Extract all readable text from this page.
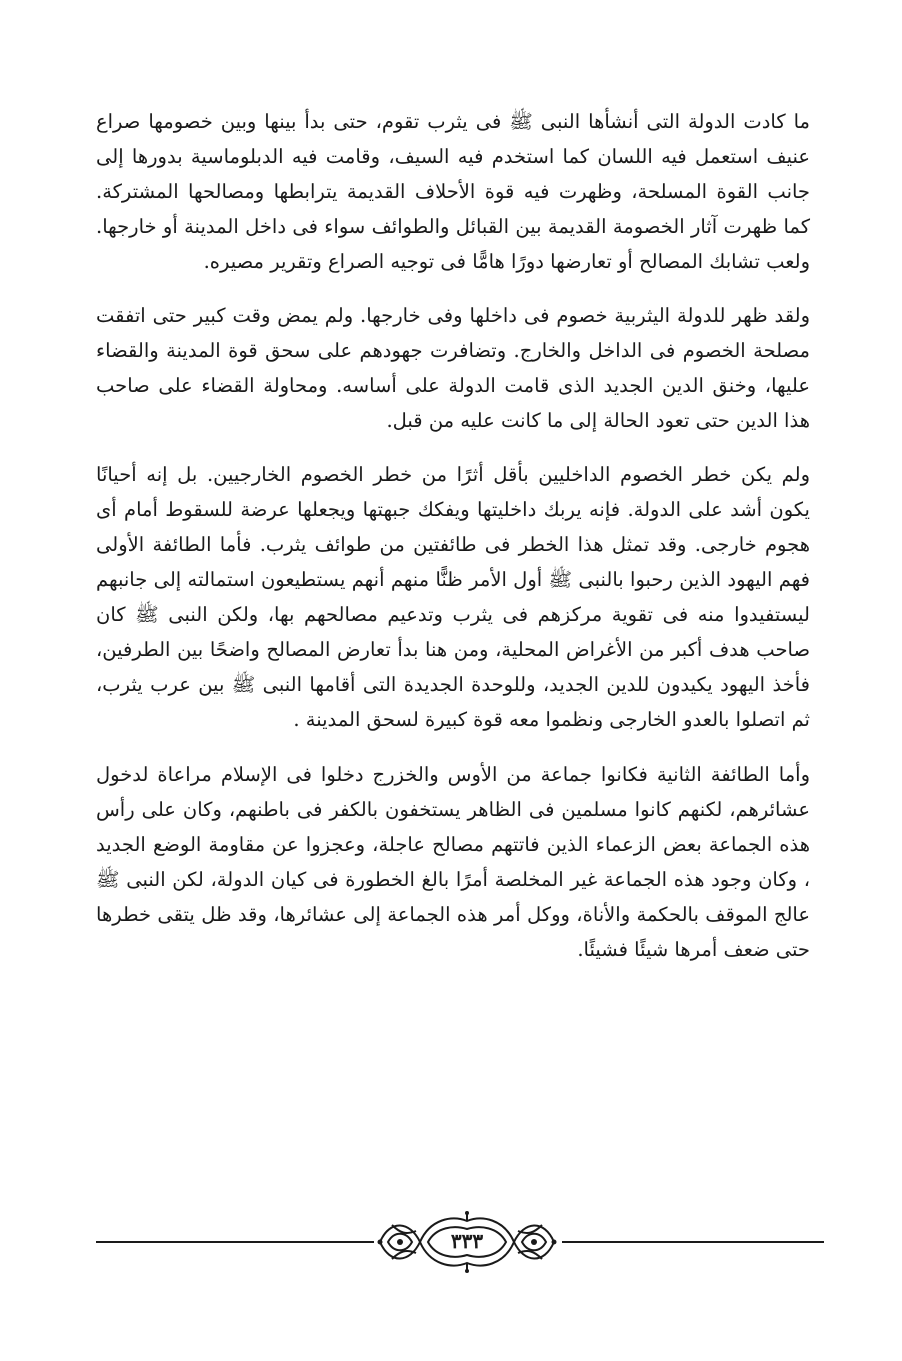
ما كادت الدولة التى أنشأها النبى ﷺ فى يثرب تقوم، حتى بدأ بينها وبين خصومها صراع عنيف استعمل فيه اللسان كما استخدم فيه السيف، وقامت فيه الدبلوماسية بدورها إلى جانب القوة المسلحة، وظهرت فيه قوة الأحلاف القديمة يترابطها ومصالحها المشتركة. كما ظهرت آثار الخصومة القديمة بين القبائل والطوائف سواء فى داخل المدينة أو خارجها. ولعب تشابك المصالح أو تعارضها دورًا هامًّا فى توجيه الصراع وتقرير مصيره.

ولقد ظهر للدولة اليثربية خصوم فى داخلها وفى خارجها. ولم يمض وقت كبير حتى اتفقت مصلحة الخصوم فى الداخل والخارج. وتضافرت جهودهم على سحق قوة المدينة والقضاء عليها، وخنق الدين الجديد الذى قامت الدولة على أساسه. ومحاولة القضاء على صاحب هذا الدين حتى تعود الحالة إلى ما كانت عليه من قبل.

ولم يكن خطر الخصوم الداخليين بأقل أثرًا من خطر الخصوم الخارجيين. بل إنه أحيانًا يكون أشد على الدولة. فإنه يربك داخليتها ويفكك جبهتها ويجعلها عرضة للسقوط أمام أى هجوم خارجى. وقد تمثل هذا الخطر فى طائفتين من طوائف يثرب. فأما الطائفة الأولى فهم اليهود الذين رحبوا بالنبى ﷺ أول الأمر ظنًّا منهم أنهم يستطيعون استمالته إلى جانبهم ليستفيدوا منه فى تقوية مركزهم فى يثرب وتدعيم مصالحهم بها، ولكن النبى ﷺ كان صاحب هدف أكبر من الأغراض المحلية، ومن هنا بدأ تعارض المصالح واضحًا بين الطرفين، فأخذ اليهود يكيدون للدين الجديد، وللوحدة الجديدة التى أقامها النبى ﷺ بين عرب يثرب، ثم اتصلوا بالعدو الخارجى ونظموا معه قوة كبيرة لسحق المدينة .

وأما الطائفة الثانية فكانوا جماعة من الأوس والخزرج دخلوا فى الإسلام مراعاة لدخول عشائرهم، لكنهم كانوا مسلمين فى الظاهر يستخفون بالكفر فى باطنهم، وكان على رأس هذه الجماعة بعض الزعماء الذين فاتتهم مصالح عاجلة، وعجزوا عن مقاومة الوضع الجديد ، وكان وجود هذه الجماعة غير المخلصة أمرًا بالغ الخطورة فى كيان الدولة، لكن النبى ﷺ عالج الموقف بالحكمة والأناة، ووكل أمر هذه الجماعة إلى عشائرها، وقد ظل يتقى خطرها حتى ضعف أمرها شيئًا فشيئًا.

٣٣٣
